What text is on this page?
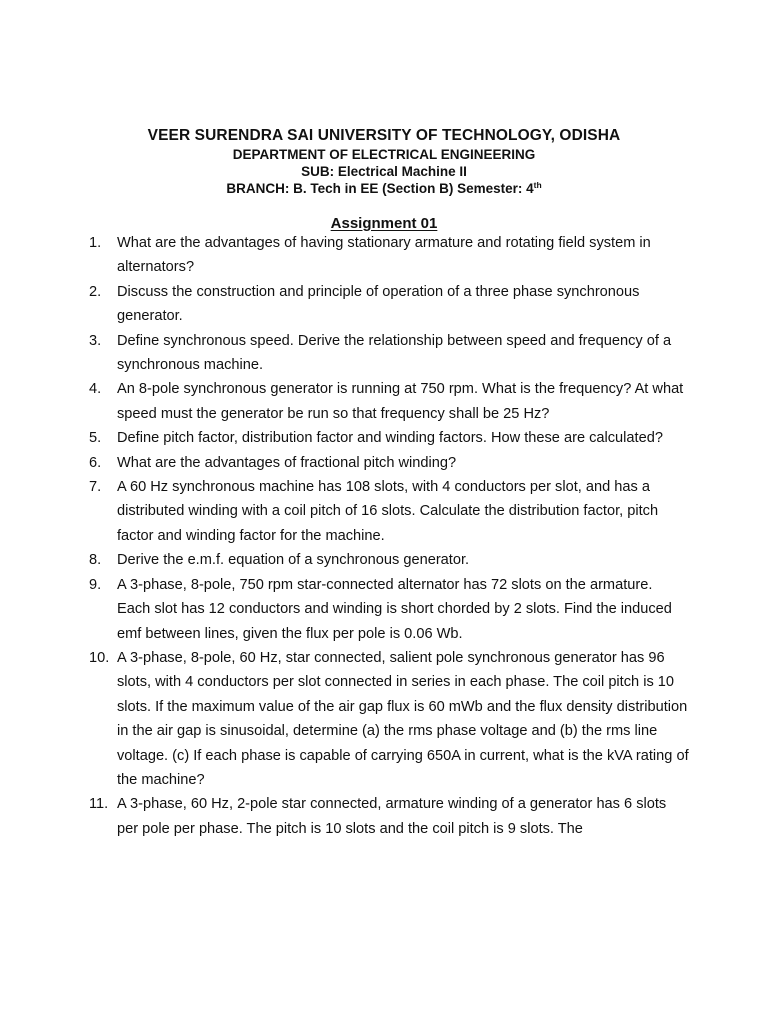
VEER SURENDRA SAI UNIVERSITY OF TECHNOLOGY, ODISHA
DEPARTMENT OF ELECTRICAL ENGINEERING
SUB: Electrical Machine II
BRANCH: B. Tech in EE (Section B) Semester: 4th
Assignment 01
1.	What are the advantages of having stationary armature and rotating field system in alternators?
2.	Discuss the construction and principle of operation of a three phase synchronous generator.
3.	Define synchronous speed. Derive the relationship between speed and frequency of a synchronous machine.
4.	An 8-pole synchronous generator is running at 750 rpm. What is the frequency? At what speed must the generator be run so that frequency shall be 25 Hz?
5.	Define pitch factor, distribution factor and winding factors. How these are calculated?
6.	What are the advantages of fractional pitch winding?
7.	A 60 Hz synchronous machine has 108 slots, with 4 conductors per slot, and has a distributed winding with a coil pitch of 16 slots. Calculate the distribution factor, pitch factor and winding factor for the machine.
8.	Derive the e.m.f. equation of a synchronous generator.
9.	A 3-phase, 8-pole, 750 rpm star-connected alternator has 72 slots on the armature. Each slot has 12 conductors and winding is short chorded by 2 slots. Find the induced emf between lines, given the flux per pole is 0.06 Wb.
10. A 3-phase, 8-pole, 60 Hz, star connected, salient pole synchronous generator has 96 slots, with 4 conductors per slot connected in series in each phase. The coil pitch is 10 slots. If the maximum value of the air gap flux is 60 mWb and the flux density distribution in the air gap is sinusoidal, determine (a) the rms phase voltage and (b) the rms line voltage. (c) If each phase is capable of carrying 650A in current, what is the kVA rating of the machine?
11. A 3-phase, 60 Hz, 2-pole star connected, armature winding of a generator has 6 slots per pole per phase. The pitch is 10 slots and the coil pitch is 9 slots. The
